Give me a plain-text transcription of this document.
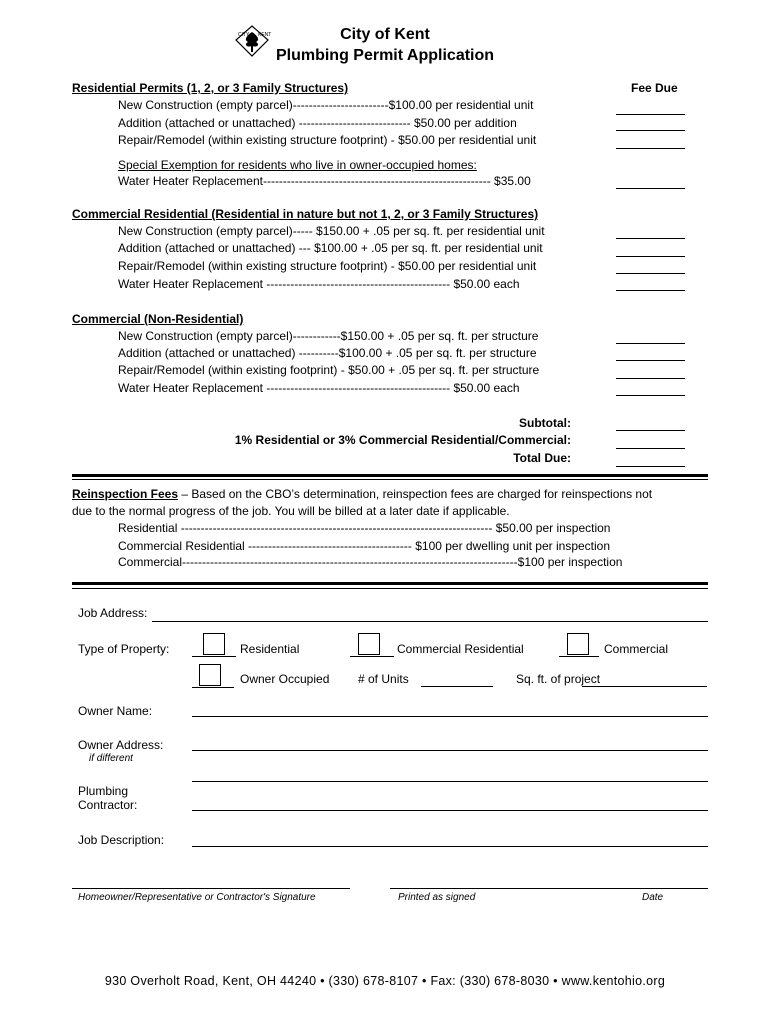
CITY KENT	City of Kent
Plumbing Permit Application
Residential Permits (1, 2, or 3 Family Structures)	Fee Due
New Construction (empty parcel)------------------------$100.00 per residential unit
Addition (attached or unattached) ---------------------------- $50.00 per addition
Repair/Remodel (within existing structure footprint) - $50.00 per residential unit
Special Exemption for residents who live in owner-occupied homes:
Water Heater Replacement--------------------------------------------------------- $35.00
Commercial Residential (Residential in nature but not 1, 2, or 3 Family Structures)
New Construction (empty parcel)----- $150.00 + .05 per sq. ft. per residential unit
Addition (attached or unattached) --- $100.00 + .05 per sq. ft. per residential unit
Repair/Remodel (within existing structure footprint) - $50.00 per residential unit
Water Heater Replacement ---------------------------------------------- $50.00 each
Commercial (Non-Residential)
New Construction (empty parcel)------------$150.00 + .05 per sq. ft. per structure
Addition (attached or unattached) ----------$100.00 + .05 per sq. ft. per structure
Repair/Remodel (within existing footprint) - $50.00 + .05 per sq. ft. per structure
Water Heater Replacement ---------------------------------------------- $50.00 each
Subtotal:
1% Residential or 3% Commercial Residential/Commercial:
Total Due:
Reinspection Fees – Based on the CBO’s determination, reinspection fees are charged for reinspections not
due to the normal progress of the job. You will be billed at a later date if applicable.
Residential ------------------------------------------------------------------------------ $50.00 per inspection
Commercial Residential ----------------------------------------- $100 per dwelling unit per inspection
Commercial------------------------------------------------------------------------------------$100 per inspection
Job Address:
Type of Property:	Residential	Commercial Residential	Commercial
Owner Occupied # of Units	Sq. ft. of project
Owner Name:
Owner Address:
if different
Plumbing
Contractor:
Job Description:
Homeowner/Representative or Contractor's Signature	Printed as signed	Date
930 Overholt Road, Kent, OH 44240 • (330) 678-8107 • Fax: (330) 678-8030 • www.kentohio.org
